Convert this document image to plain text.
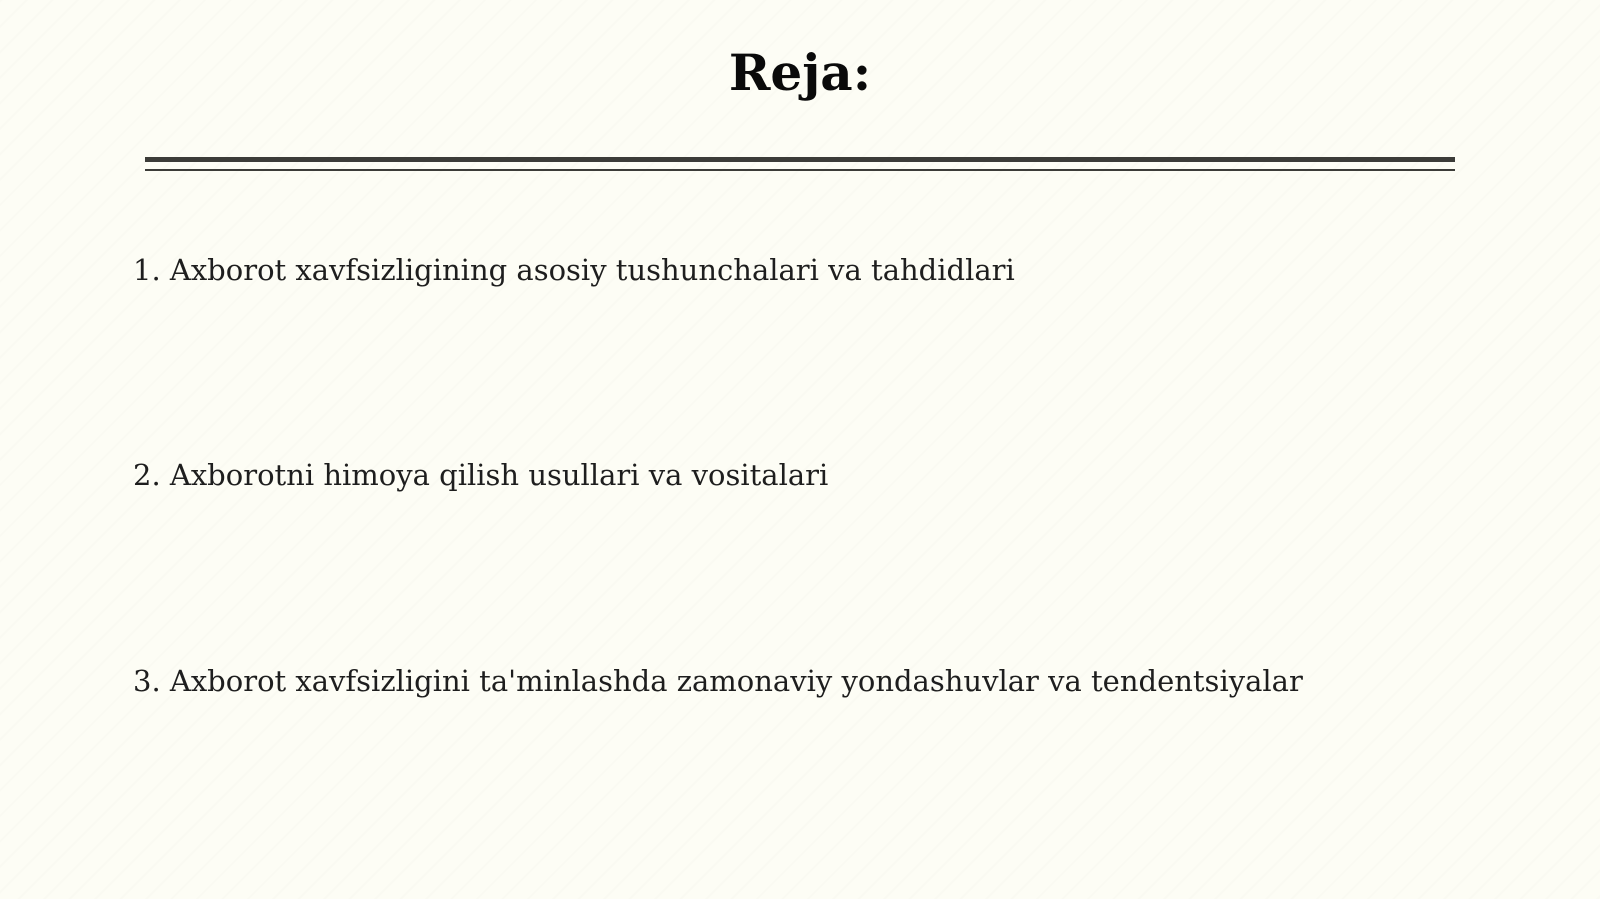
Reja:
1. Axborot xavfsizligining asosiy tushunchalari va tahdidlari
2. Axborotni himoya qilish usullari va vositalari
3. Axborot xavfsizligini ta'minlashda zamonaviy yondashuvlar va tendentsiyalar
